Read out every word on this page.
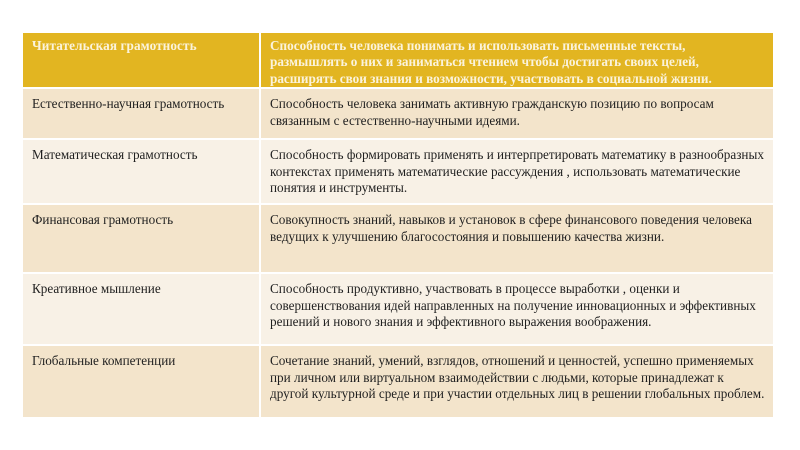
Читательская грамотность	Способность человека понимать и использовать письменные тексты, размышлять о них и заниматься чтением чтобы достигать своих целей, расширять свои знания и возможности, участвовать в социальной жизни.
Естественно-научная грамотность	Способность человека занимать активную гражданскую позицию по вопросам связанным с естественно-научными идеями.
Математическая грамотность	Способность формировать применять и интерпретировать математику в разнообразных контекстах применять математические рассуждения , использовать математические понятия и инструменты.
Финансовая грамотность	Совокупность знаний, навыков и установок в сфере финансового поведения человека ведущих к улучшению благосостояния и повышению качества жизни.
Креативное мышление	Способность продуктивно, участвовать в процессе выработки , оценки и совершенствования идей направленных на получение инновационных и эффективных решений и нового знания и эффективного выражения воображения.
Глобальные компетенции	Сочетание знаний, умений, взглядов, отношений и ценностей, успешно применяемых при личном или виртуальном взаимодействии с людьми, которые принадлежат к другой культурной среде и при участии отдельных лиц в решении глобальных проблем.
